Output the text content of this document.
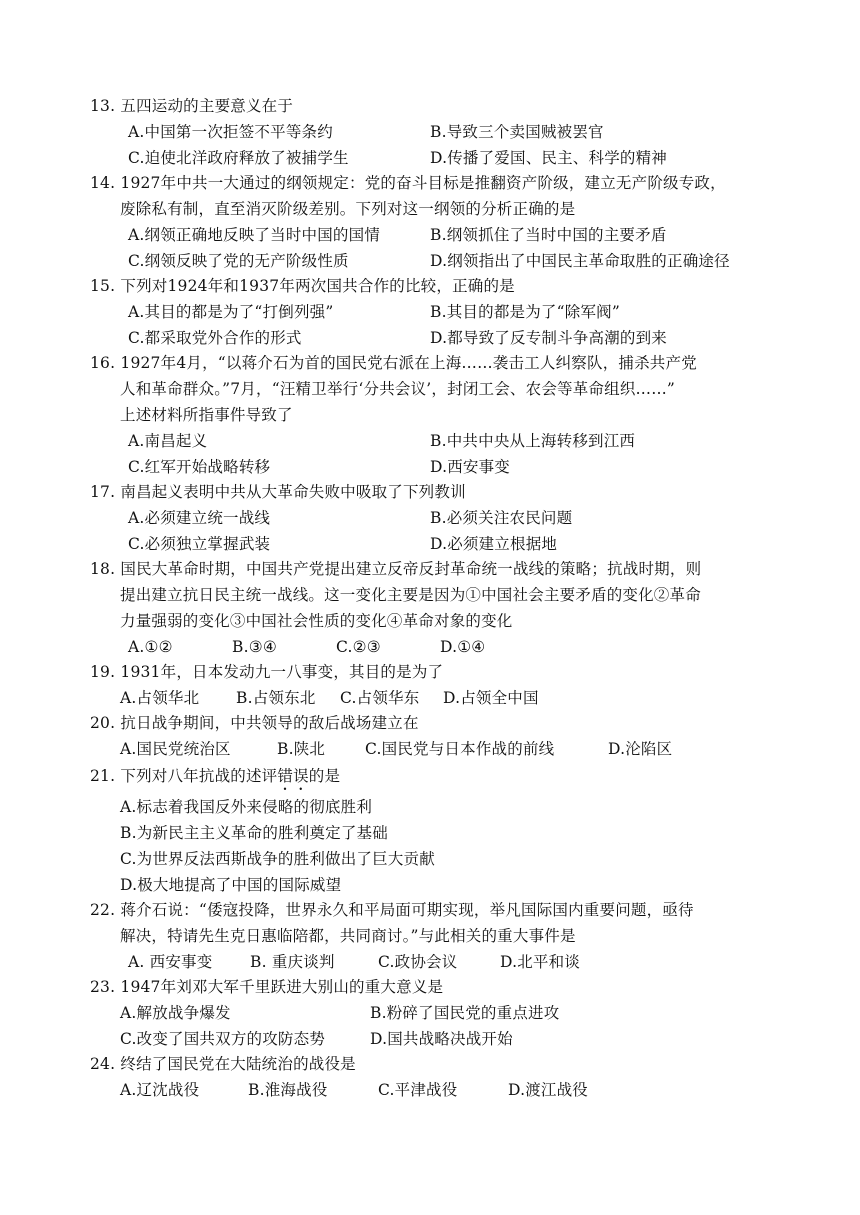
13. 五四运动的主要意义在于
A.中国第一次拒签不平等条约	B.导致三个卖国贼被罢官
C.迫使北洋政府释放了被捕学生	D.传播了爱国、民主、科学的精神
14. 1927年中共一大通过的纲领规定：党的奋斗目标是推翻资产阶级，建立无产阶级专政，
废除私有制，直至消灭阶级差别。下列对这一纲领的分析正确的是
A.纲领正确地反映了当时中国的国情	B.纲领抓住了当时中国的主要矛盾
C.纲领反映了党的无产阶级性质	D.纲领指出了中国民主革命取胜的正确途径
15. 下列对1924年和1937年两次国共合作的比较，正确的是
A.其目的都是为了“打倒列强”	B.其目的都是为了“除军阀”
C.都采取党外合作的形式	D.都导致了反专制斗争高潮的到来
16. 1927年4月，“以蒋介石为首的国民党右派在上海……袭击工人纠察队，捕杀共产党
人和革命群众。”7月，“汪精卫举行‘分共会议’，封闭工会、农会等革命组织……”
上述材料所指事件导致了
A.南昌起义	B.中共中央从上海转移到江西
C.红军开始战略转移	D.西安事变
17. 南昌起义表明中共从大革命失败中吸取了下列教训
A.必须建立统一战线	B.必须关注农民问题
C.必须独立掌握武装	D.必须建立根据地
18. 国民大革命时期，中国共产党提出建立反帝反封革命统一战线的策略；抗战时期，则
提出建立抗日民主统一战线。这一变化主要是因为①中国社会主要矛盾的变化②革命
力量强弱的变化③中国社会性质的变化④革命对象的变化
A.①②	B.③④	C.②③	D.①④
19. 1931年，日本发动九一八事变，其目的是为了
A.占领华北 B.占领东北 C.占领华东 D.占领全中国
20. 抗日战争期间，中共领导的敌后战场建立在
A.国民党统治区	B.陕北	C.国民党与日本作战的前线	D.沦陷区
21. 下列对八年抗战的述评错误的是
A.标志着我国反外来侵略的彻底胜利
B.为新民主主义革命的胜利奠定了基础
C.为世界反法西斯战争的胜利做出了巨大贡献
D.极大地提高了中国的国际威望
22. 蒋介石说：“倭寇投降，世界永久和平局面可期实现，举凡国际国内重要问题，亟待
解决，特请先生克日惠临陪都，共同商讨。”与此相关的重大事件是
A. 西安事变 B. 重庆谈判	C.政协会议	D.北平和谈
23. 1947年刘邓大军千里跃进大别山的重大意义是
A.解放战争爆发	B.粉碎了国民党的重点进攻
C.改变了国共双方的攻防态势	D.国共战略决战开始
24. 终结了国民党在大陆统治的战役是
A.辽沈战役	B.淮海战役	C.平津战役	D.渡江战役
